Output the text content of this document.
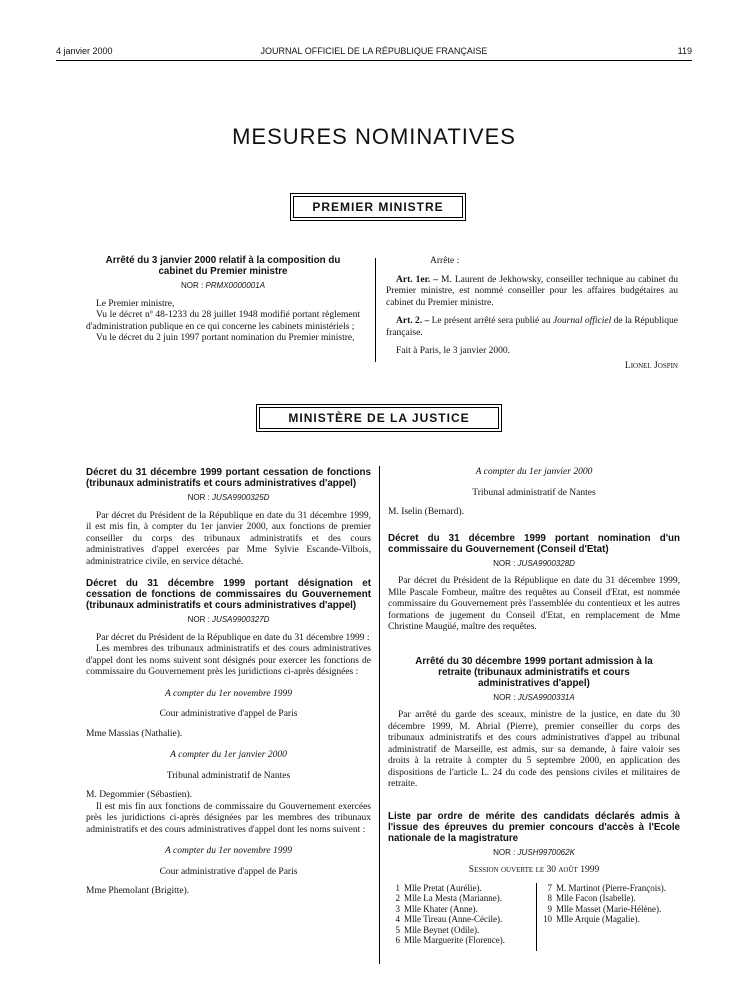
4 janvier 2000	JOURNAL OFFICIEL DE LA RÉPUBLIQUE FRANÇAISE	119
MESURES NOMINATIVES
PREMIER MINISTRE
Arrêté du 3 janvier 2000 relatif à la composition du cabinet du Premier ministre
NOR : PRMX0000001A

Le Premier ministre,

Vu le décret nº 48-1233 du 28 juillet 1948 modifié portant règlement d'administration publique en ce qui concerne les cabinets ministériels ;

Vu le décret du 2 juin 1997 portant nomination du Premier ministre,

Arrête :

Art. 1er. – M. Laurent de Jekhowsky, conseiller technique au cabinet du Premier ministre, est nommé conseiller pour les affaires budgétaires au cabinet du Premier ministre.

Art. 2. – Le présent arrêté sera publié au Journal officiel de la République française.

Fait à Paris, le 3 janvier 2000.

Lionel Jospin

MINISTÈRE DE LA JUSTICE
Décret du 31 décembre 1999 portant cessation de fonctions (tribunaux administratifs et cours administratives d'appel)
NOR : JUSA9900325D

Par décret du Président de la République en date du 31 décembre 1999, il est mis fin, à compter du 1er janvier 2000, aux fonctions de premier conseiller du corps des tribunaux administratifs et des cours administratives d'appel exercées par Mme Sylvie Escande-Vilbois, administratrice civile, en service détaché.

Décret du 31 décembre 1999 portant désignation et cessation de fonctions de commissaires du Gouvernement (tribunaux administratifs et cours administratives d'appel)
NOR : JUSA9900327D

Par décret du Président de la République en date du 31 décembre 1999 :

Les membres des tribunaux administratifs et des cours administratives d'appel dont les noms suivent sont désignés pour exercer les fonctions de commissaire du Gouvernement près les juridictions ci-après désignées :

A compter du 1er novembre 1999

Cour administrative d'appel de Paris

Mme Massias (Nathalie).

A compter du 1er janvier 2000

Tribunal administratif de Nantes

M. Degommier (Sébastien).

Il est mis fin aux fonctions de commissaire du Gouvernement exercées près les juridictions ci-après désignées par les membres des tribunaux administratifs et des cours administratives d'appel dont les noms suivent :

A compter du 1er novembre 1999

Cour administrative d'appel de Paris

Mme Phemolant (Brigitte).

A compter du 1er janvier 2000

Tribunal administratif de Nantes

M. Iselin (Bernard).

Décret du 31 décembre 1999 portant nomination d'un commissaire du Gouvernement (Conseil d'Etat)
NOR : JUSA9900328D

Par décret du Président de la République en date du 31 décembre 1999, Mlle Pascale Fombeur, maître des requêtes au Conseil d'Etat, est nommée commissaire du Gouvernement près l'assemblée du contentieux et les autres formations de jugement du Conseil d'Etat, en remplacement de Mme Christine Maugüé, maître des requêtes.

Arrêté du 30 décembre 1999 portant admission à la retraite (tribunaux administratifs et cours administratives d'appel)
NOR : JUSA9900331A

Par arrêté du garde des sceaux, ministre de la justice, en date du 30 décembre 1999, M. Abrial (Pierre), premier conseiller du corps des tribunaux administratifs et des cours administratives d'appel au tribunal administratif de Marseille, est admis, sur sa demande, à faire valoir ses droits à la retraite à compter du 5 septembre 2000, en application des dispositions de l'article L. 24 du code des pensions civiles et militaires de retraite.

Liste par ordre de mérite des candidats déclarés admis à l'issue des épreuves du premier concours d'accès à l'Ecole nationale de la magistrature
NOR : JUSH9970062K

Session ouverte le 30 août 1999

1	Mlle Pretat (Aurélie).
2	Mlle La Mesta (Marianne).
3	Mlle Khater (Anne).
4	Mlle Tireau (Anne-Cécile).
5	Mlle Beynet (Odile).
6	Mlle Marguerite (Florence).
7	M. Martinot (Pierre-François).
8	Mlle Facon (Isabelle).
9	Mlle Masset (Marie-Hélène).
10	Mlle Arquie (Magalie).
